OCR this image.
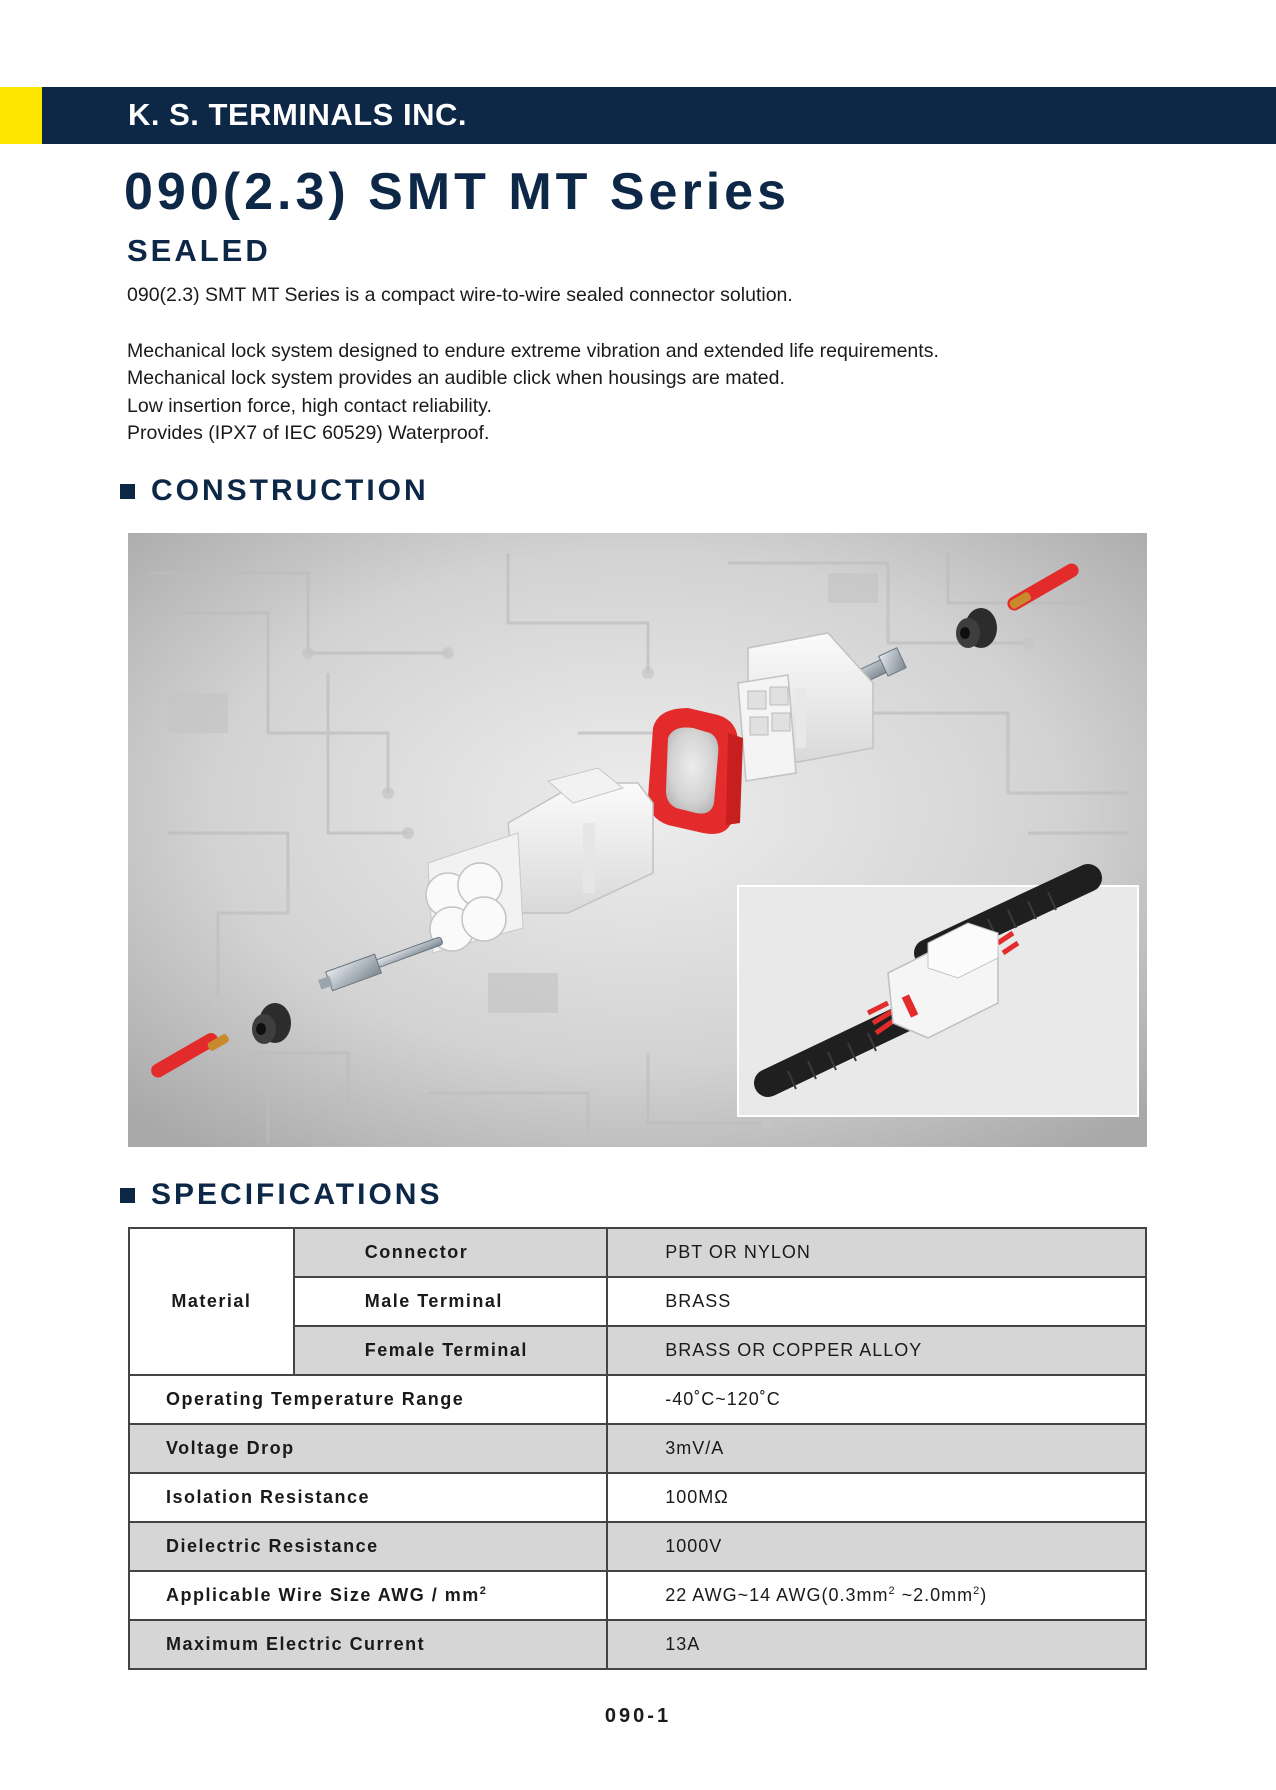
K. S. TERMINALS INC.
090(2.3) SMT MT Series
SEALED

090(2.3) SMT MT Series is a compact wire-to-wire sealed connector solution.

Mechanical lock system designed to endure extreme vibration and extended life requirements.

Mechanical lock system provides an audible click when housings are mated.

Low insertion force, high contact reliability.

Provides (IPX7 of IEC 60529) Waterproof.

CONSTRUCTION
SPECIFICATIONS
Material	Connector	PBT OR NYLON
	Male Terminal	BRASS
	Female Terminal	BRASS OR COPPER ALLOY
Operating Temperature Range		-40˚C~120˚C
Voltage Drop		3mV/A
Isolation Resistance		100MΩ
Dielectric Resistance		1000V
Applicable Wire Size AWG / $mm^2$		22 AWG~14 $AWG(0.3mm^2$ $\sim 2.0mm^2$)
Maximum Electric Current		13A
090-1
